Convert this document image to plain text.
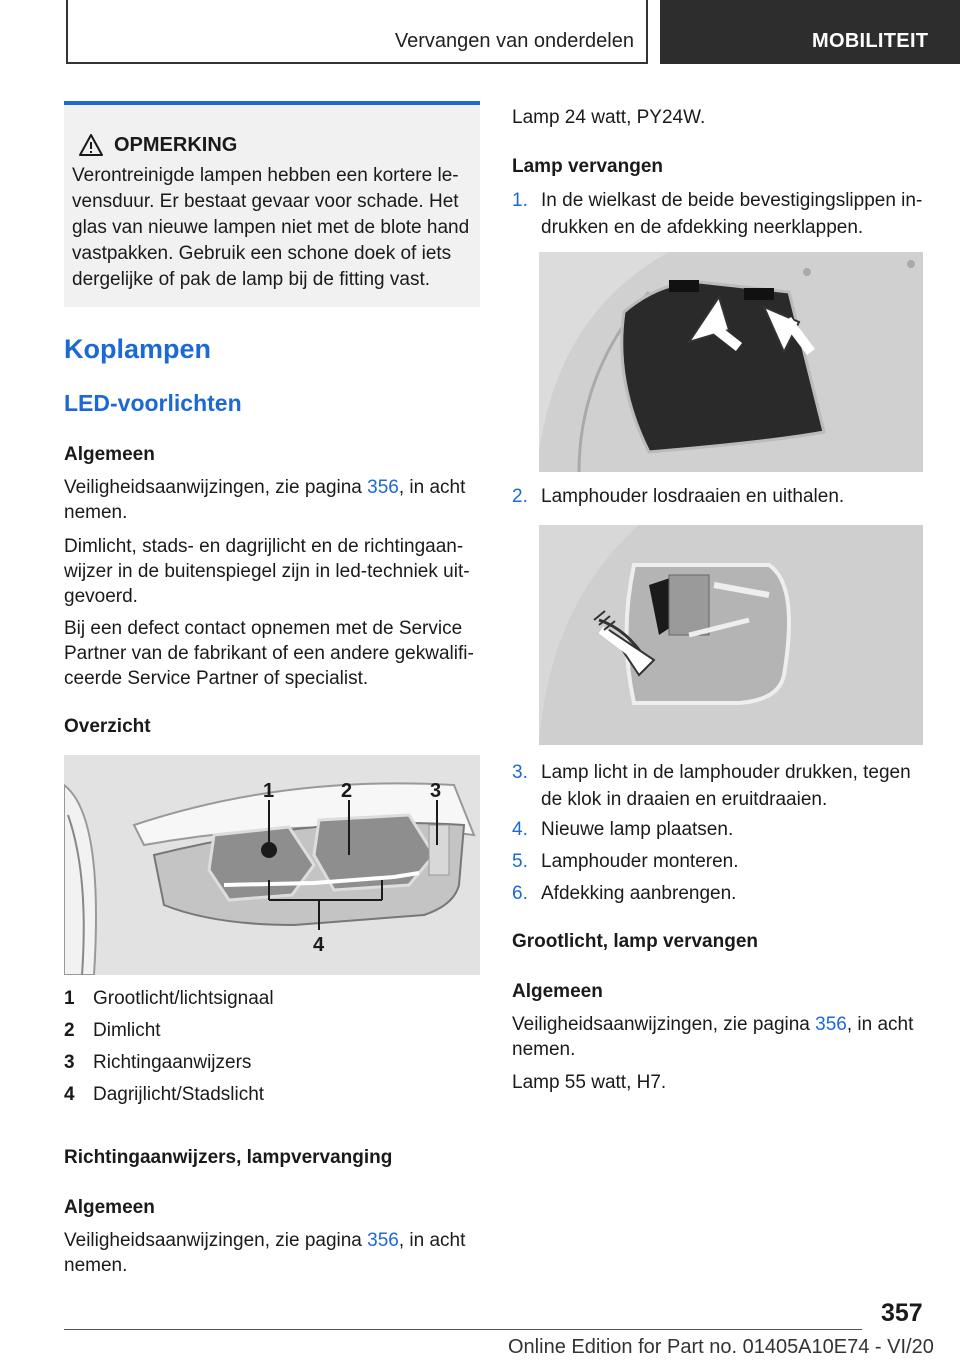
Vervangen van onderdelen	MOBILITEIT
OPMERKING
Verontreinigde lampen hebben een kortere levensduur. Er bestaat gevaar voor schade. Het glas van nieuwe lampen niet met de blote hand vastpakken. Gebruik een schone doek of iets dergelijke of pak de lamp bij de fitting vast.
Koplampen
LED-voorlichten
Algemeen
Veiligheidsaanwijzingen, zie pagina 356, in acht nemen.
Dimlicht, stads- en dagrijlicht en de richtingaanwijzer in de buitenspiegel zijn in led-techniek uitgevoerd.
Bij een defect contact opnemen met de Service Partner van de fabrikant of een andere gekwalificeerde Service Partner of specialist.
Overzicht
1	2	3
4
1 Grootlicht/lichtsignaal
2 Dimlicht
3 Richtingaanwijzers
4 Dagrijlicht/Stadslicht
Richtingaanwijzers, lampvervanging
Algemeen
Veiligheidsaanwijzingen, zie pagina 356, in acht nemen.
Lamp 24 watt, PY24W.
Lamp vervangen
1. In de wielkast de beide bevestigingslippen indrukken en de afdekking neerklappen.
2. Lamphouder losdraaien en uithalen.
3. Lamp licht in de lamphouder drukken, tegen de klok in draaien en eruitdraaien.
4. Nieuwe lamp plaatsen.
5. Lamphouder monteren.
6. Afdekking aanbrengen.
Grootlicht, lamp vervangen
Algemeen
Veiligheidsaanwijzingen, zie pagina 356, in acht nemen.
Lamp 55 watt, H7.
357
Online Edition for Part no. 01405A10E74 - VI/20
